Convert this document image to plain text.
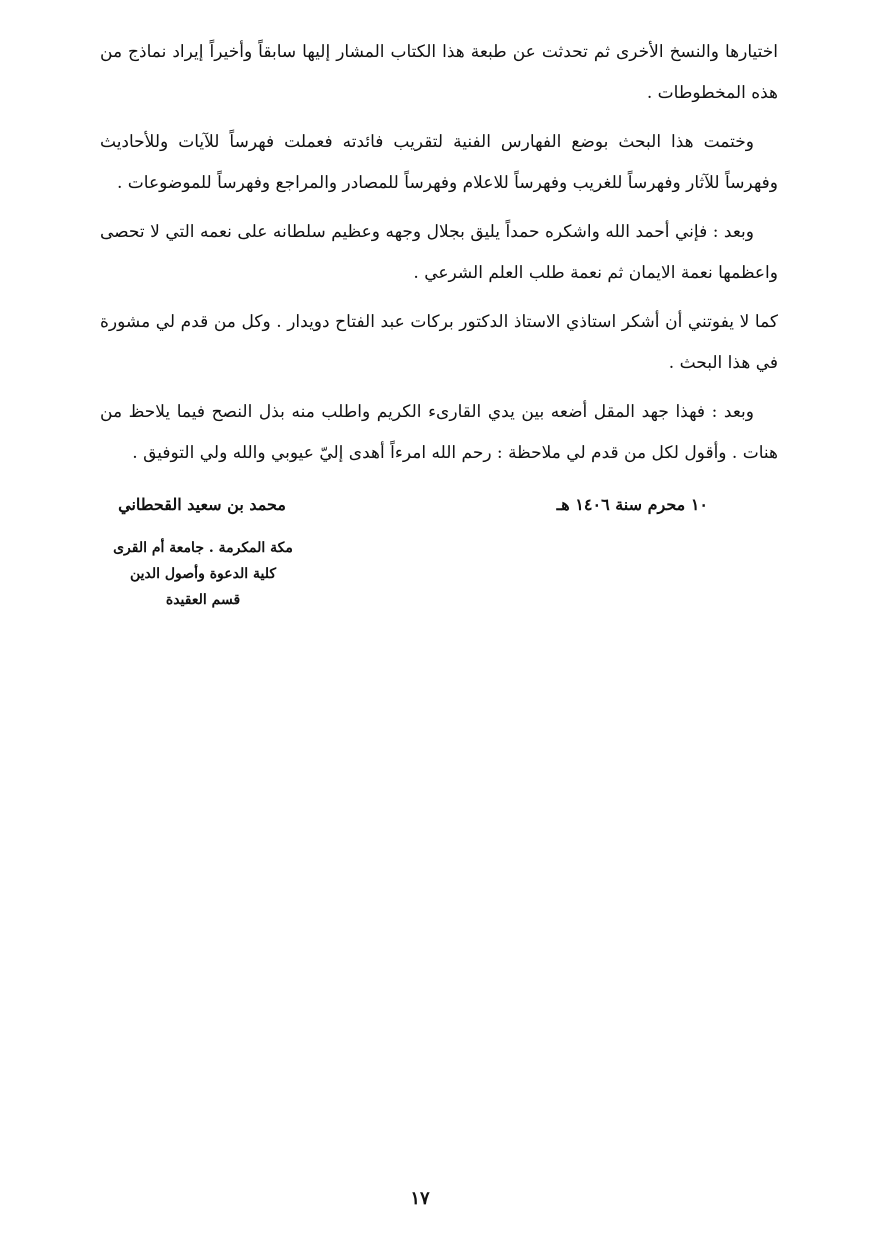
اختيارها والنسخ الأخرى ثم تحدثت عن طبعة هذا الكتاب المشار إليها سابقاً وأخيراً إيراد نماذج من هذه المخطوطات .

وختمت هذا البحث بوضع الفهارس الفنية لتقريب فائدته فعملت فهرساً للآيات وللأحاديث وفهرساً للآثار وفهرساً للغريب وفهرساً للاعلام وفهرساً للمصادر والمراجع وفهرساً للموضوعات .

وبعد : فإني أحمد الله واشكره حمداً يليق بجلال وجهه وعظيم سلطانه على نعمه التي لا تحصى واعظمها نعمة الايمان ثم نعمة طلب العلم الشرعي .

كما لا يفوتني أن أشكر استاذي الاستاذ الدكتور بركات عبد الفتاح دويدار . وكل من قدم لي مشورة في هذا البحث .

وبعد : فهذا جهد المقل أضعه بين يدي القارىء الكريم واطلب منه بذل النصح فيما يلاحظ من هنات . وأقول لكل من قدم لي ملاحظة : رحم الله امرءاً أهدى إليّ عيوبي والله ولي التوفيق .

١٠ محرم سنة ١٤٠٦ هـ
محمد بن سعيد القحطاني
مكة المكرمة . جامعة أم القرى
كلية الدعوة وأصول الدين
قسم العقيدة
١٧
